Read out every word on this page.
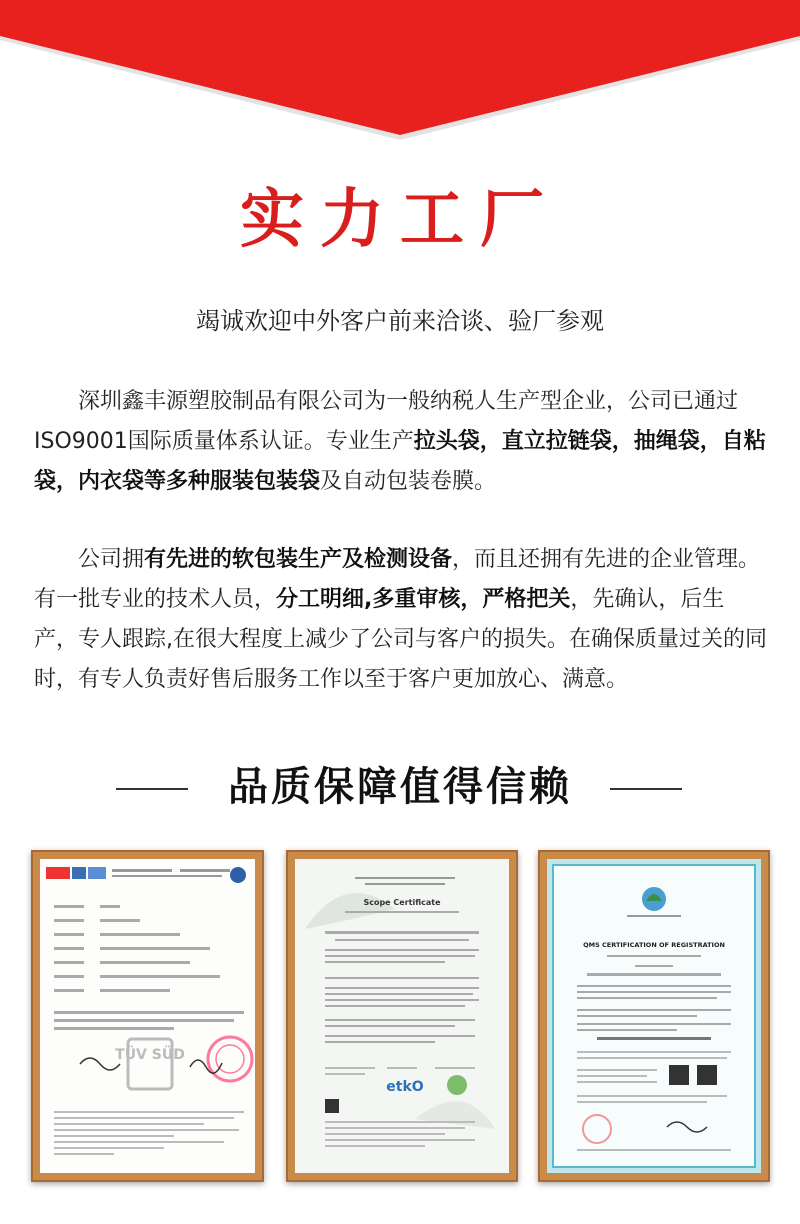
实力工厂
竭诚欢迎中外客户前来洽谈、验厂参观

　　深圳鑫丰源塑胶制品有限公司为一般纳税人生产型企业，公司已通过ISO9001国际质量体系认证。专业生产拉头袋，直立拉链袋，抽绳袋，自粘袋，内衣袋等多种服装包装袋及自动包装卷膜。

　　公司拥有先进的软包装生产及检测设备，而且还拥有先进的企业管理。有一批专业的技术人员，分工明细,多重审核，严格把关，先确认，后生产，专人跟踪,在很大程度上减少了公司与客户的损失。在确保质量过关的同时，有专人负责好售后服务工作以至于客户更加放心、满意。

品质保障值得信赖
TÜV SÜD
Scope Certificate
etkO
QMS CERTIFICATION OF REGISTRATION
